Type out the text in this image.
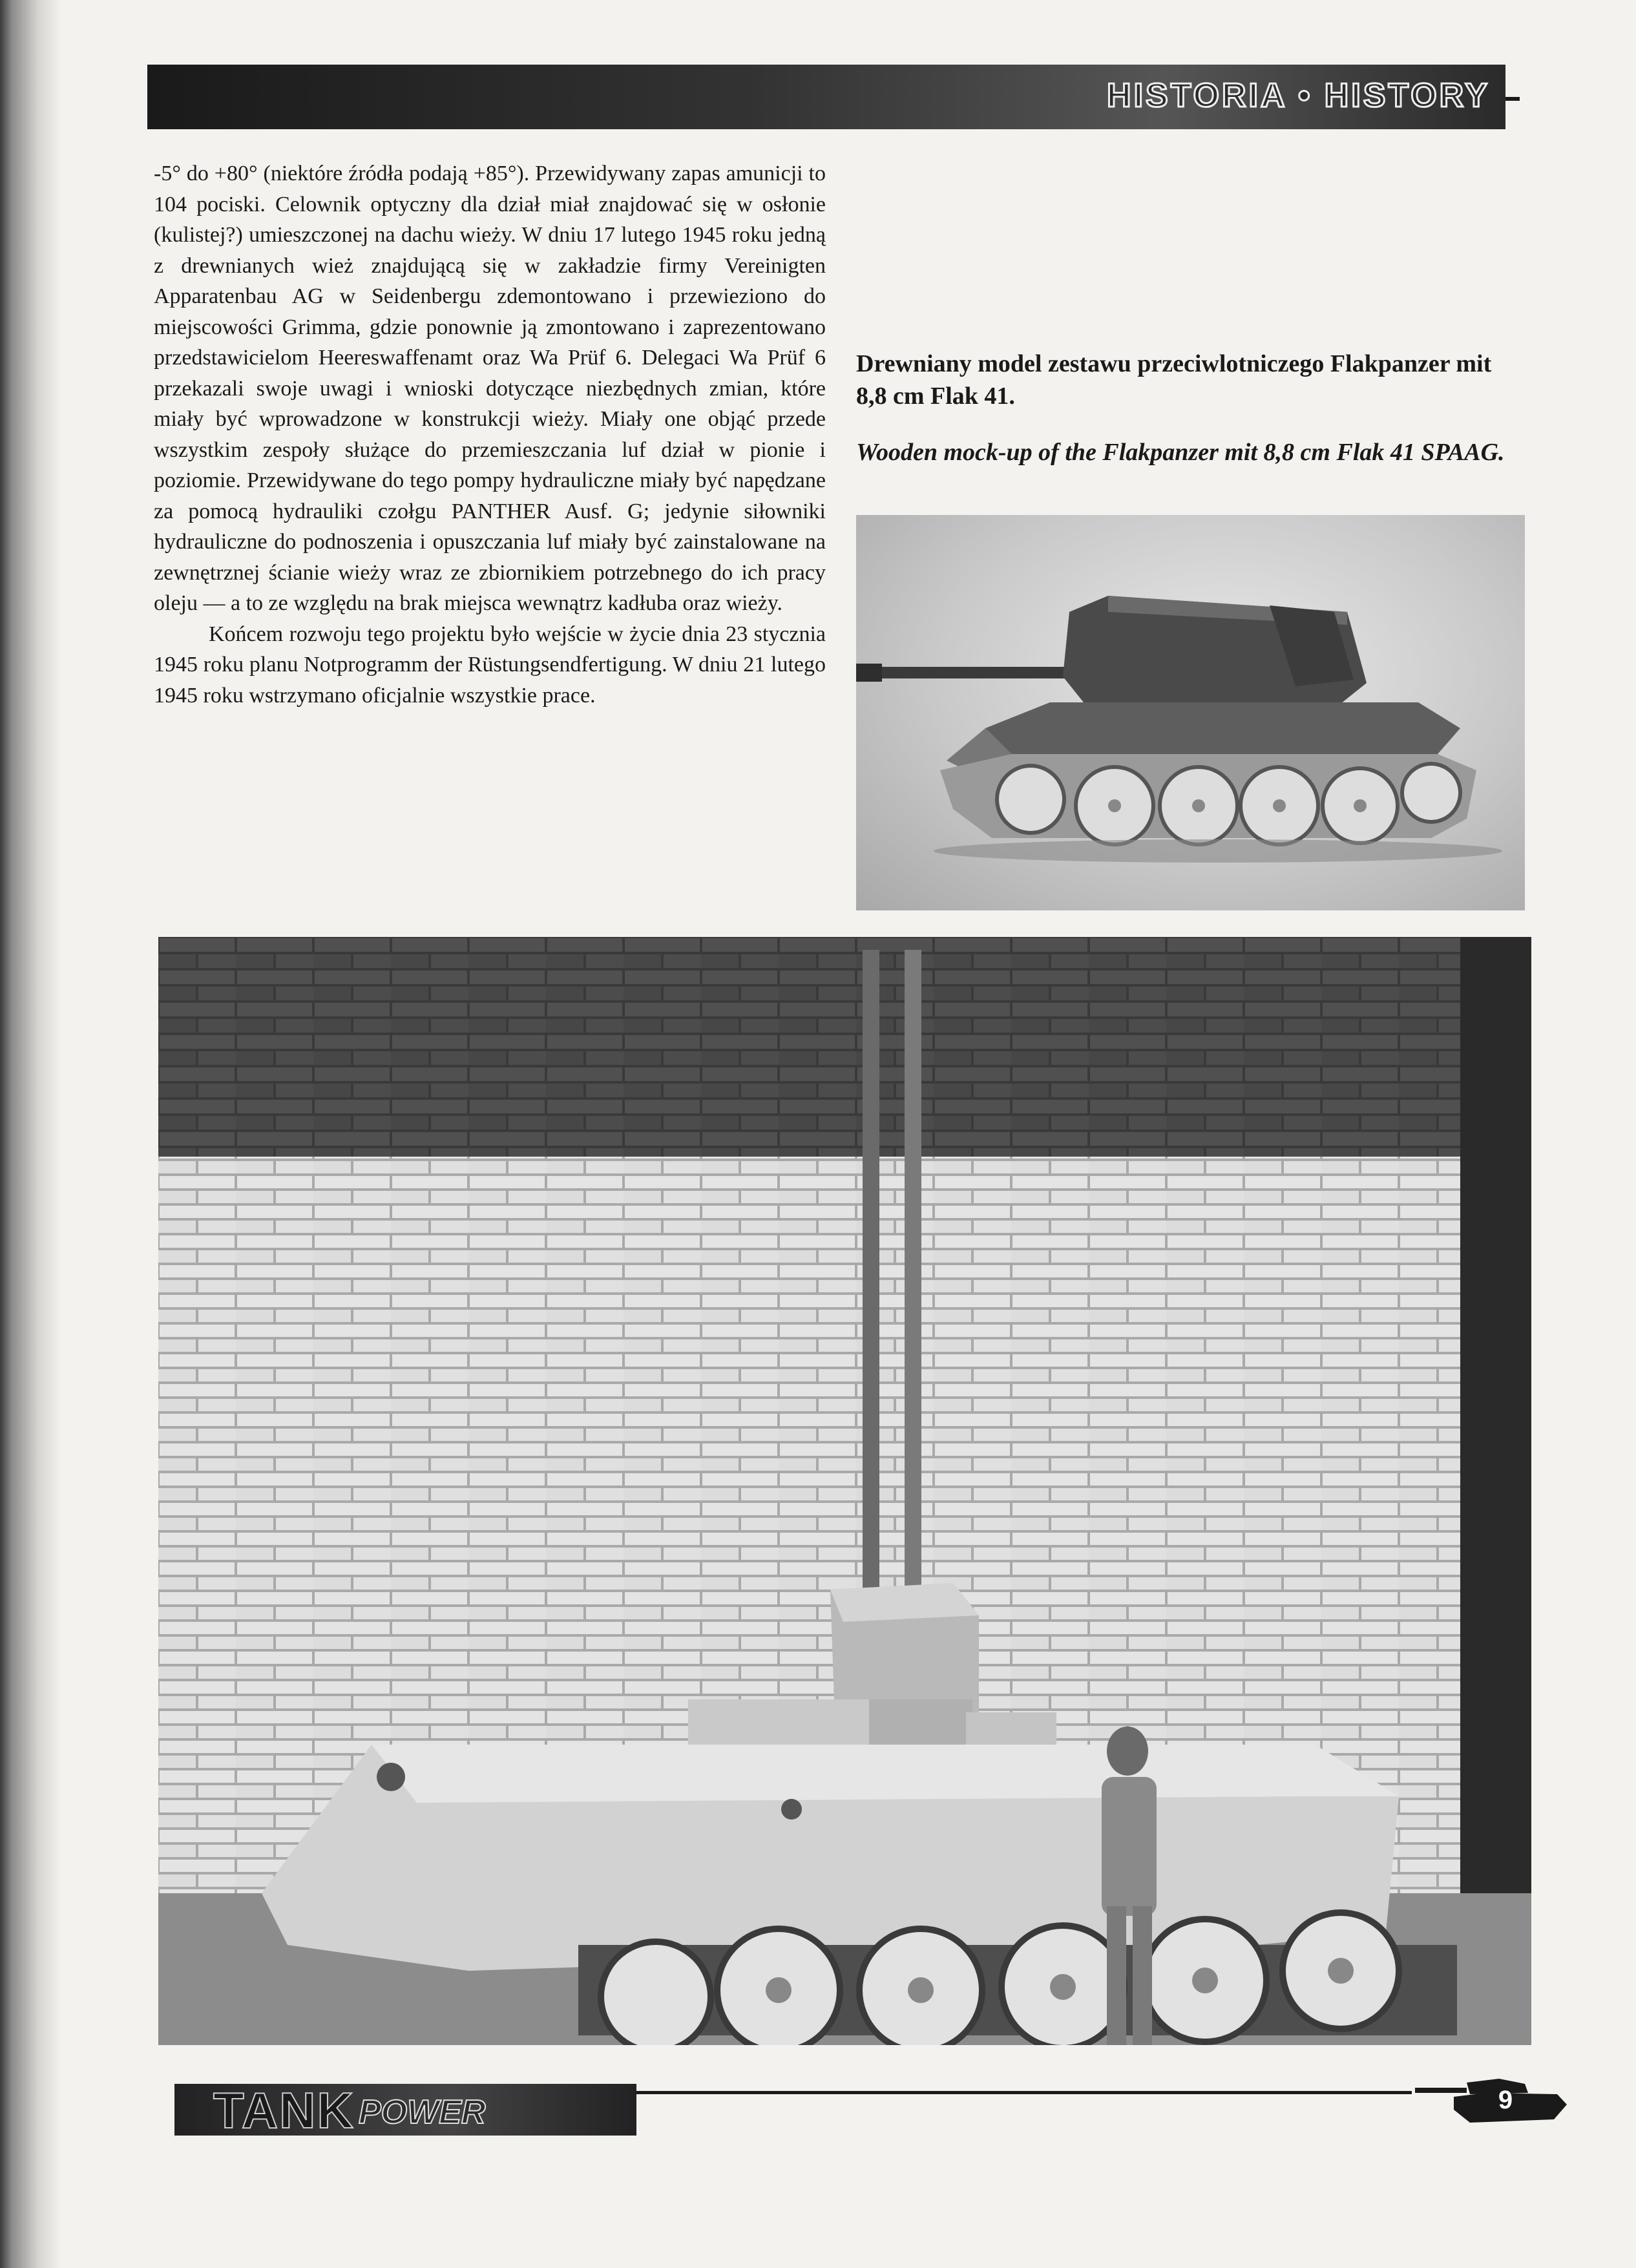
HISTORIA • HISTORY

-5° do +80° (niektóre źródła podają +85°). Przewidywany zapas amunicji to 104 pociski. Celownik optyczny dla dział miał znajdować się w osłonie (kulistej?) umieszczonej na dachu wieży. W dniu 17 lutego 1945 roku jedną z drewnianych wież znajdującą się w zakładzie firmy Vereinigten Apparatenbau AG w Seidenbergu zdemontowano i przewieziono do miejscowości Grimma, gdzie ponownie ją zmontowano i zaprezentowano przedstawicielom Heereswaffenamt oraz Wa Prüf 6. Delegaci Wa Prüf 6 przekazali swoje uwagi i wnioski dotyczące niezbędnych zmian, które miały być wprowadzone w konstrukcji wieży. Miały one objąć przede wszystkim zespoły służące do przemieszczania luf dział w pionie i poziomie. Przewidywane do tego pompy hydrauliczne miały być napędzane za pomocą hydrauliki czołgu PANTHER Ausf. G; jedynie siłowniki hydrauliczne do podnoszenia i opuszczania luf miały być zainstalowane na zewnętrznej ścianie wieży wraz ze zbiornikiem potrzebnego do ich pracy oleju — a to ze względu na brak miejsca wewnątrz kadłuba oraz wieży.

Końcem rozwoju tego projektu było wejście w życie dnia 23 stycznia 1945 roku planu Notprogramm der Rüstungsendfertigung. W dniu 21 lutego 1945 roku wstrzymano oficjalnie wszystkie prace.

Drewniany model zestawu przeciwlotniczego Flakpanzer mit 8,8 cm Flak 41.
Wooden mock-up of the Flakpanzer mit 8,8 cm Flak 41 SPAAG.
TANK POWER	9
